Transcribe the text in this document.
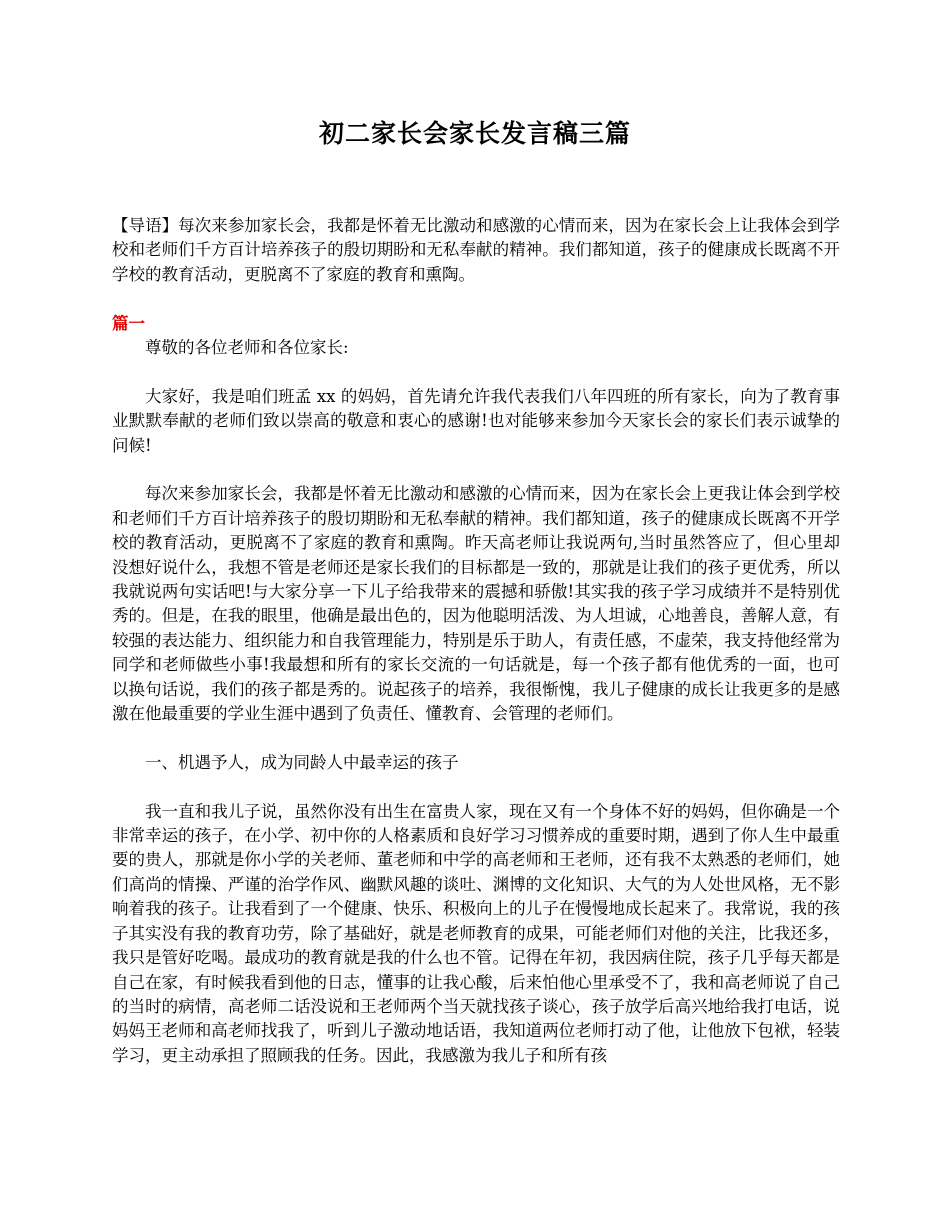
初二家长会家长发言稿三篇

【导语】每次来参加家长会，我都是怀着无比激动和感激的心情而来，因为在家长会上让我体会到学校和老师们千方百计培养孩子的殷切期盼和无私奉献的精神。我们都知道，孩子的健康成长既离不开学校的教育活动，更脱离不了家庭的教育和熏陶。

篇一

尊敬的各位老师和各位家长:

大家好，我是咱们班孟 xx 的妈妈，首先请允许我代表我们八年四班的所有家长，向为了教育事业默默奉献的老师们致以崇高的敬意和衷心的感谢!也对能够来参加今天家长会的家长们表示诚挚的问候!

每次来参加家长会，我都是怀着无比激动和感激的心情而来，因为在家长会上更我让体会到学校和老师们千方百计培养孩子的殷切期盼和无私奉献的精神。我们都知道，孩子的健康成长既离不开学校的教育活动，更脱离不了家庭的教育和熏陶。昨天高老师让我说两句,当时虽然答应了，但心里却没想好说什么，我想不管是老师还是家长我们的目标都是一致的，那就是让我们的孩子更优秀，所以我就说两句实话吧!与大家分享一下儿子给我带来的震撼和骄傲!其实我的孩子学习成绩并不是特别优秀的。但是，在我的眼里，他确是最出色的，因为他聪明活泼、为人坦诚，心地善良，善解人意，有较强的表达能力、组织能力和自我管理能力，特别是乐于助人，有责任感，不虚荣，我支持他经常为同学和老师做些小事!我最想和所有的家长交流的一句话就是，每一个孩子都有他优秀的一面，也可以换句话说，我们的孩子都是秀的。说起孩子的培养，我很惭愧，我儿子健康的成长让我更多的是感激在他最重要的学业生涯中遇到了负责任、懂教育、会管理的老师们。

一、机遇予人，成为同龄人中最幸运的孩子

我一直和我儿子说，虽然你没有出生在富贵人家，现在又有一个身体不好的妈妈，但你确是一个非常幸运的孩子，在小学、初中你的人格素质和良好学习习惯养成的重要时期，遇到了你人生中最重要的贵人，那就是你小学的关老师、董老师和中学的高老师和王老师，还有我不太熟悉的老师们，她们高尚的情操、严谨的治学作风、幽默风趣的谈吐、渊博的文化知识、大气的为人处世风格，无不影响着我的孩子。让我看到了一个健康、快乐、积极向上的儿子在慢慢地成长起来了。我常说，我的孩子其实没有我的教育功劳，除了基础好，就是老师教育的成果，可能老师们对他的关注，比我还多，我只是管好吃喝。最成功的教育就是我的什么也不管。记得在年初，我因病住院，孩子几乎每天都是自己在家，有时候我看到他的日志，懂事的让我心酸，后来怕他心里承受不了，我和高老师说了自己的当时的病情，高老师二话没说和王老师两个当天就找孩子谈心，孩子放学后高兴地给我打电话，说妈妈王老师和高老师找我了，听到儿子激动地话语，我知道两位老师打动了他，让他放下包袱，轻装学习，更主动承担了照顾我的任务。因此，我感激为我儿子和所有孩
